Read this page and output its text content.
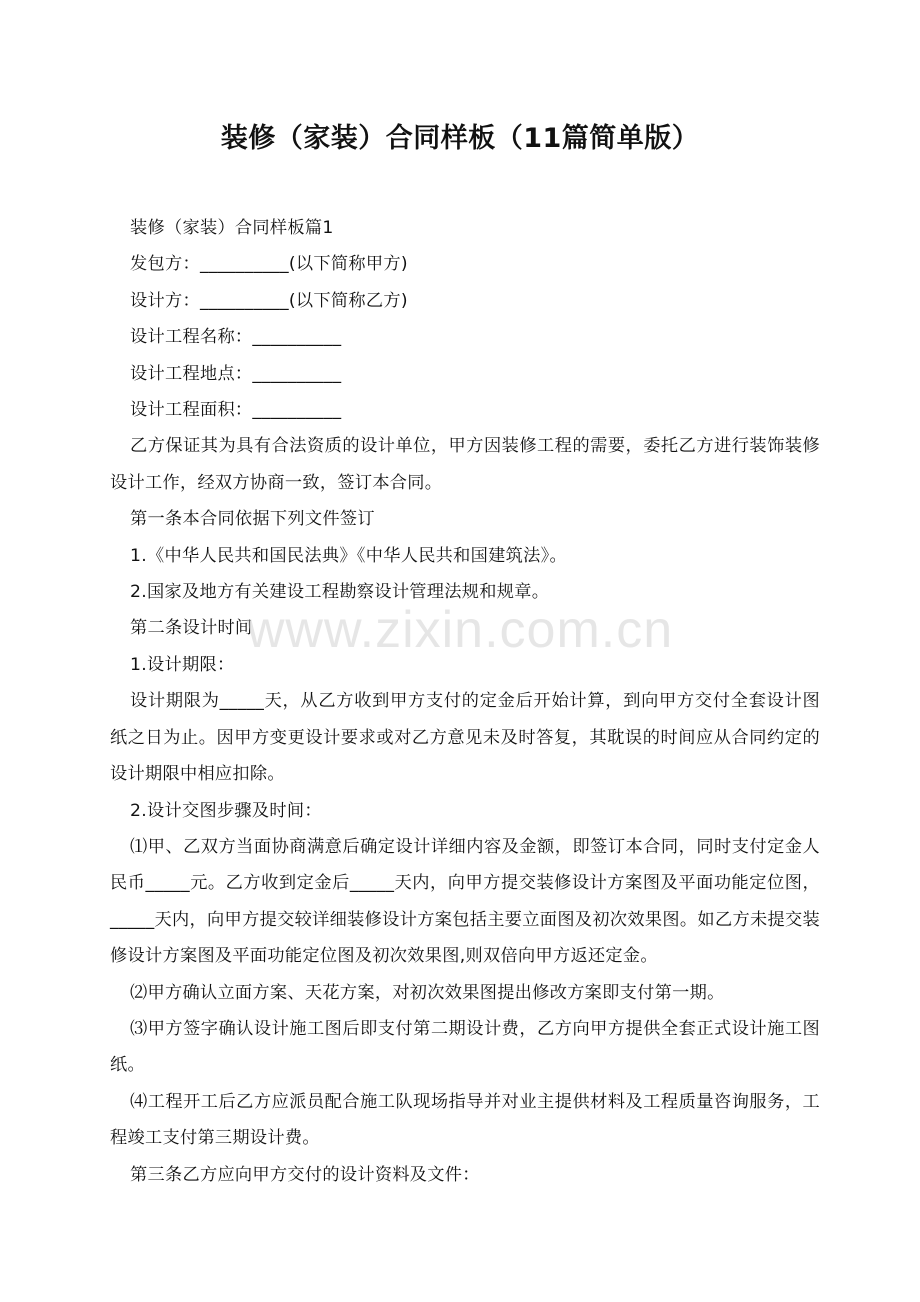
装修（家装）合同样板（11篇简单版）

装修（家装）合同样板篇1

发包方：__________(以下简称甲方)

设计方：__________(以下简称乙方)

设计工程名称：__________

设计工程地点：__________

设计工程面积：__________

乙方保证其为具有合法资质的设计单位，甲方因装修工程的需要，委托乙方进行装饰装修设计工作，经双方协商一致，签订本合同。

第一条本合同依据下列文件签订

1.《中华人民共和国民法典》《中华人民共和国建筑法》。

2.国家及地方有关建设工程勘察设计管理法规和规章。

第二条设计时间

1.设计期限：

设计期限为_____天，从乙方收到甲方支付的定金后开始计算，到向甲方交付全套设计图纸之日为止。因甲方变更设计要求或对乙方意见未及时答复，其耽误的时间应从合同约定的设计期限中相应扣除。

2.设计交图步骤及时间：

⑴甲、乙双方当面协商满意后确定设计详细内容及金额，即签订本合同，同时支付定金人民币_____元。乙方收到定金后_____天内，向甲方提交装修设计方案图及平面功能定位图，_____天内，向甲方提交较详细装修设计方案包括主要立面图及初次效果图。如乙方未提交装修设计方案图及平面功能定位图及初次效果图,则双倍向甲方返还定金。

⑵甲方确认立面方案、天花方案，对初次效果图提出修改方案即支付第一期。

⑶甲方签字确认设计施工图后即支付第二期设计费，乙方向甲方提供全套正式设计施工图纸。

⑷工程开工后乙方应派员配合施工队现场指导并对业主提供材料及工程质量咨询服务，工程竣工支付第三期设计费。

第三条乙方应向甲方交付的设计资料及文件：

www.zixin.com.cn
